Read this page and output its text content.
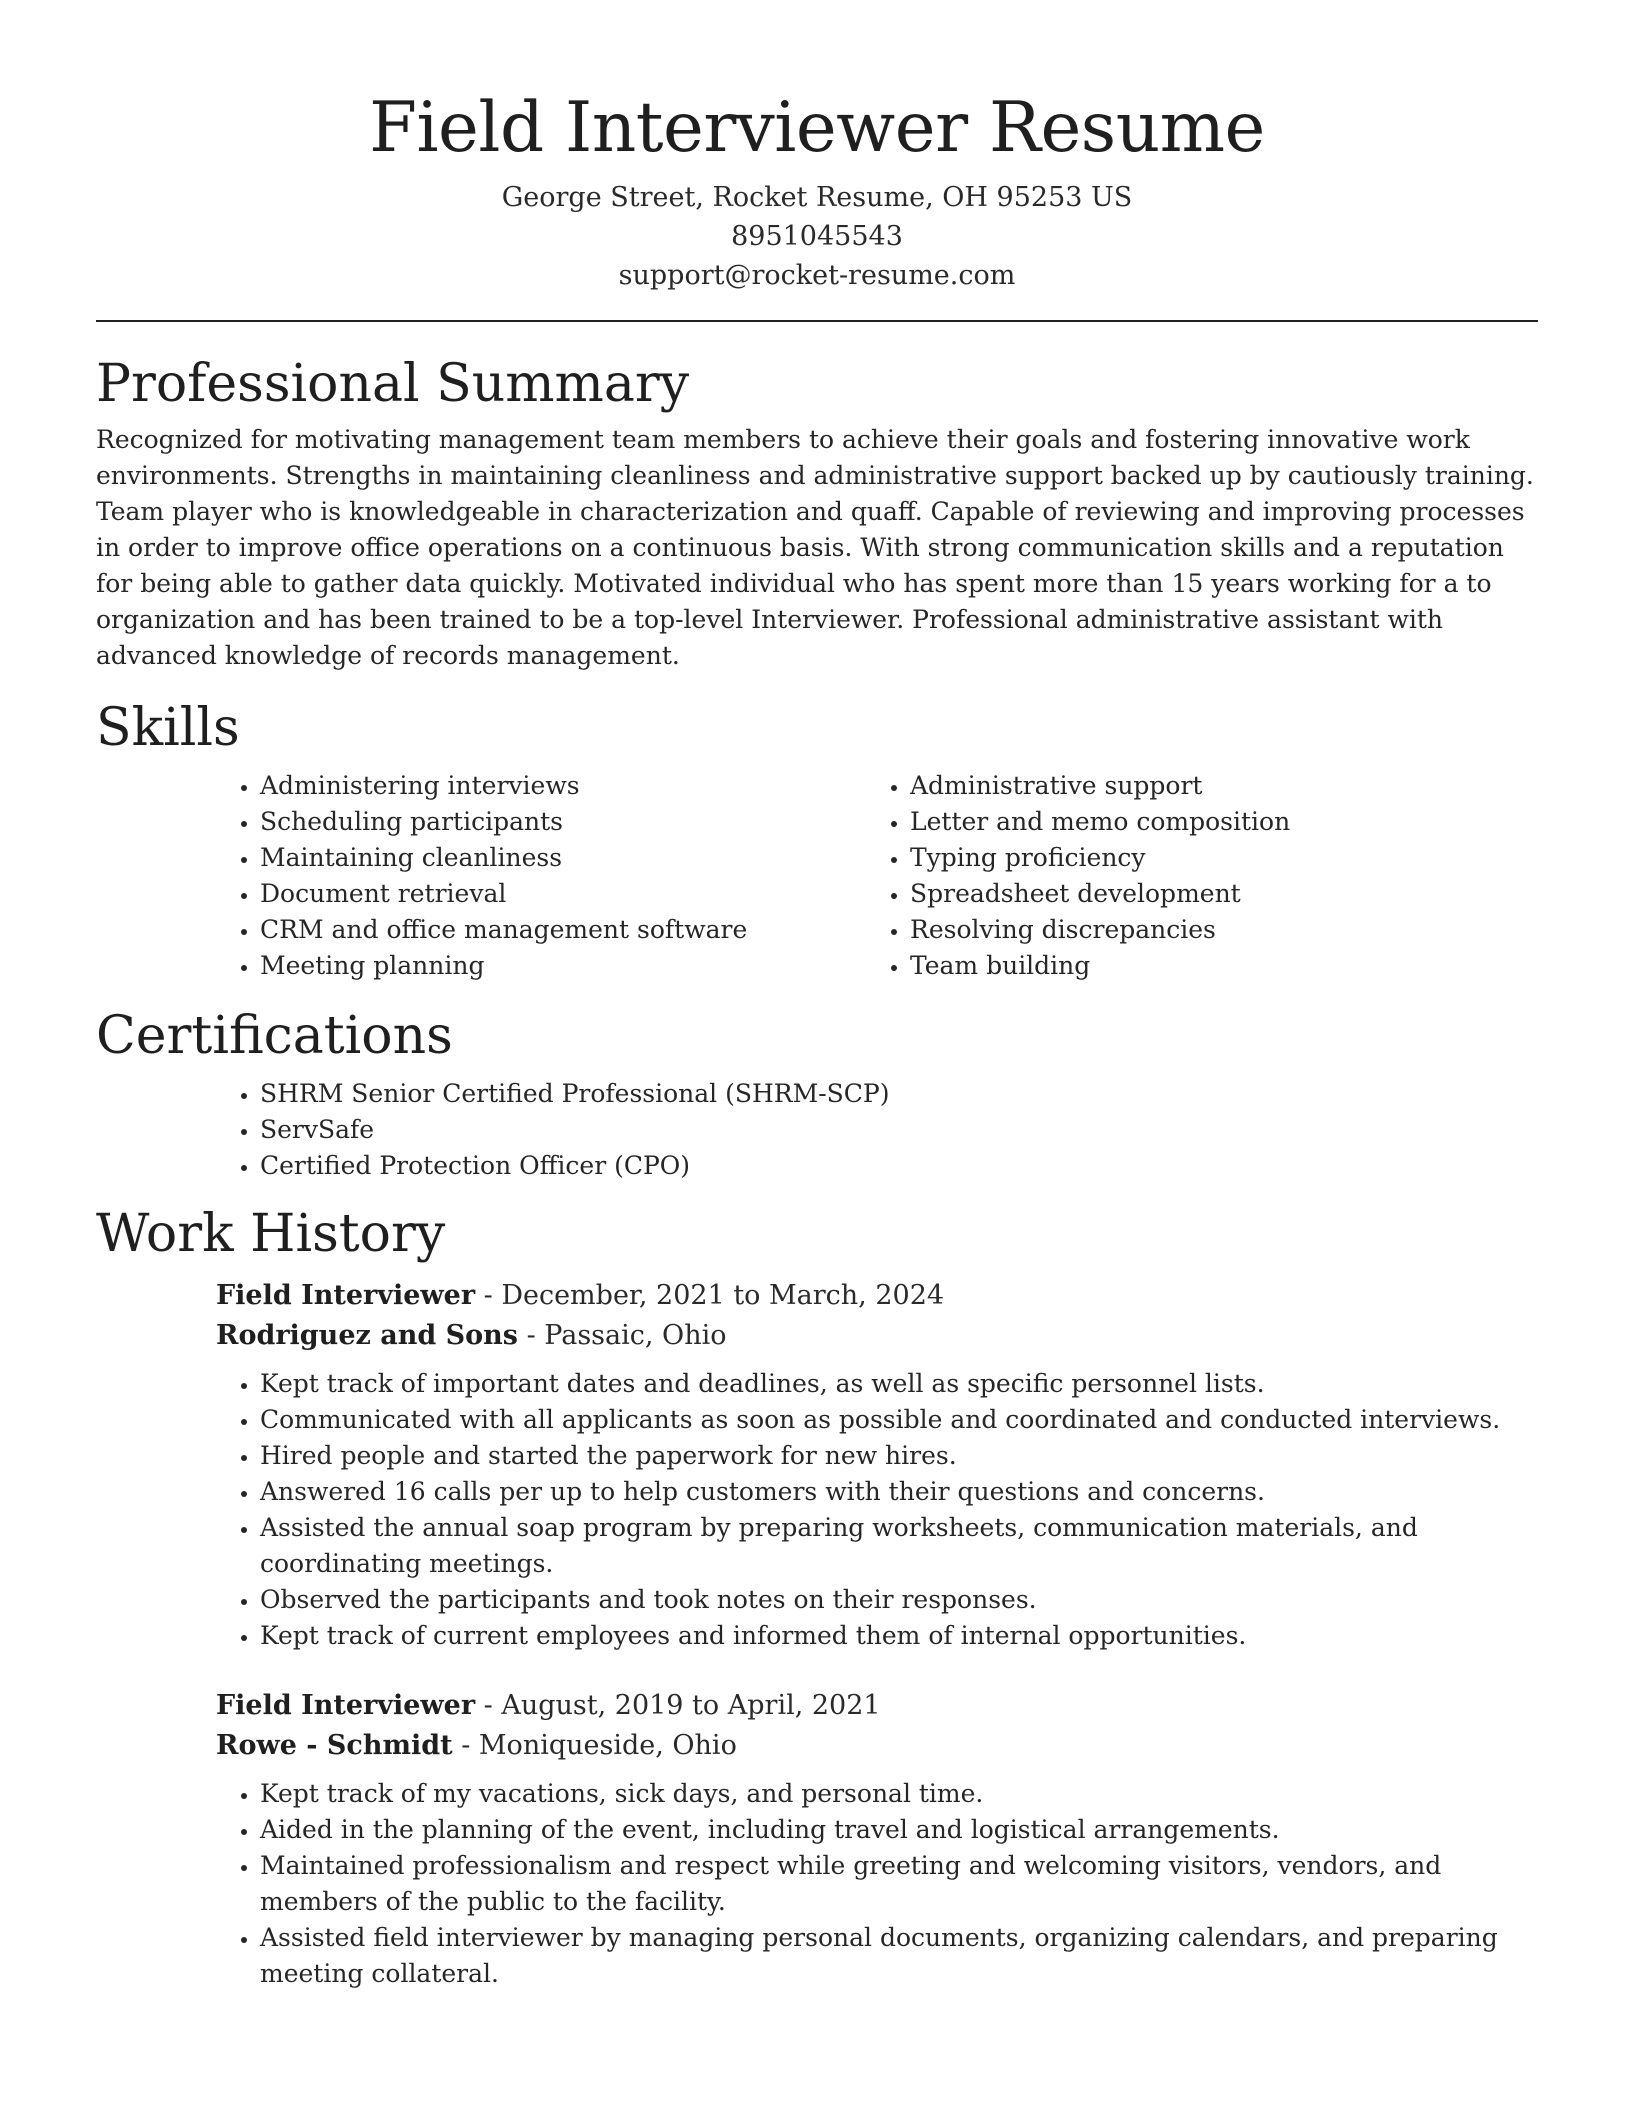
Field Interviewer Resume
George Street, Rocket Resume, OH 95253 US
8951045543
support@rocket-resume.com
Professional Summary

Recognized for motivating management team members to achieve their goals and fostering innovative work environments. Strengths in maintaining cleanliness and administrative support backed up by cautiously training. Team player who is knowledgeable in characterization and quaff. Capable of reviewing and improving processes in order to improve office operations on a continuous basis. With strong communication skills and a reputation for being able to gather data quickly. Motivated individual who has spent more than 15 years working for a to organization and has been trained to be a top-level Interviewer. Professional administrative assistant with advanced knowledge of records management.

Skills
• Administering interviews
• Scheduling participants
• Maintaining cleanliness
• Document retrieval
• CRM and office management software
• Meeting planning
• Administrative support
• Letter and memo composition
• Typing proficiency
• Spreadsheet development
• Resolving discrepancies
• Team building
Certifications
• SHRM Senior Certified Professional (SHRM-SCP)
• ServSafe
• Certified Protection Officer (CPO)
Work History
Field Interviewer - December, 2021 to March, 2024
Rodriguez and Sons - Passaic, Ohio
• Kept track of important dates and deadlines, as well as specific personnel lists.
• Communicated with all applicants as soon as possible and coordinated and conducted interviews.
• Hired people and started the paperwork for new hires.
• Answered 16 calls per up to help customers with their questions and concerns.
• Assisted the annual soap program by preparing worksheets, communication materials, and coordinating meetings.
• Observed the participants and took notes on their responses.
• Kept track of current employees and informed them of internal opportunities.
Field Interviewer - August, 2019 to April, 2021
Rowe - Schmidt - Moniqueside, Ohio
• Kept track of my vacations, sick days, and personal time.
• Aided in the planning of the event, including travel and logistical arrangements.
• Maintained professionalism and respect while greeting and welcoming visitors, vendors, and members of the public to the facility.
• Assisted field interviewer by managing personal documents, organizing calendars, and preparing meeting collateral.
